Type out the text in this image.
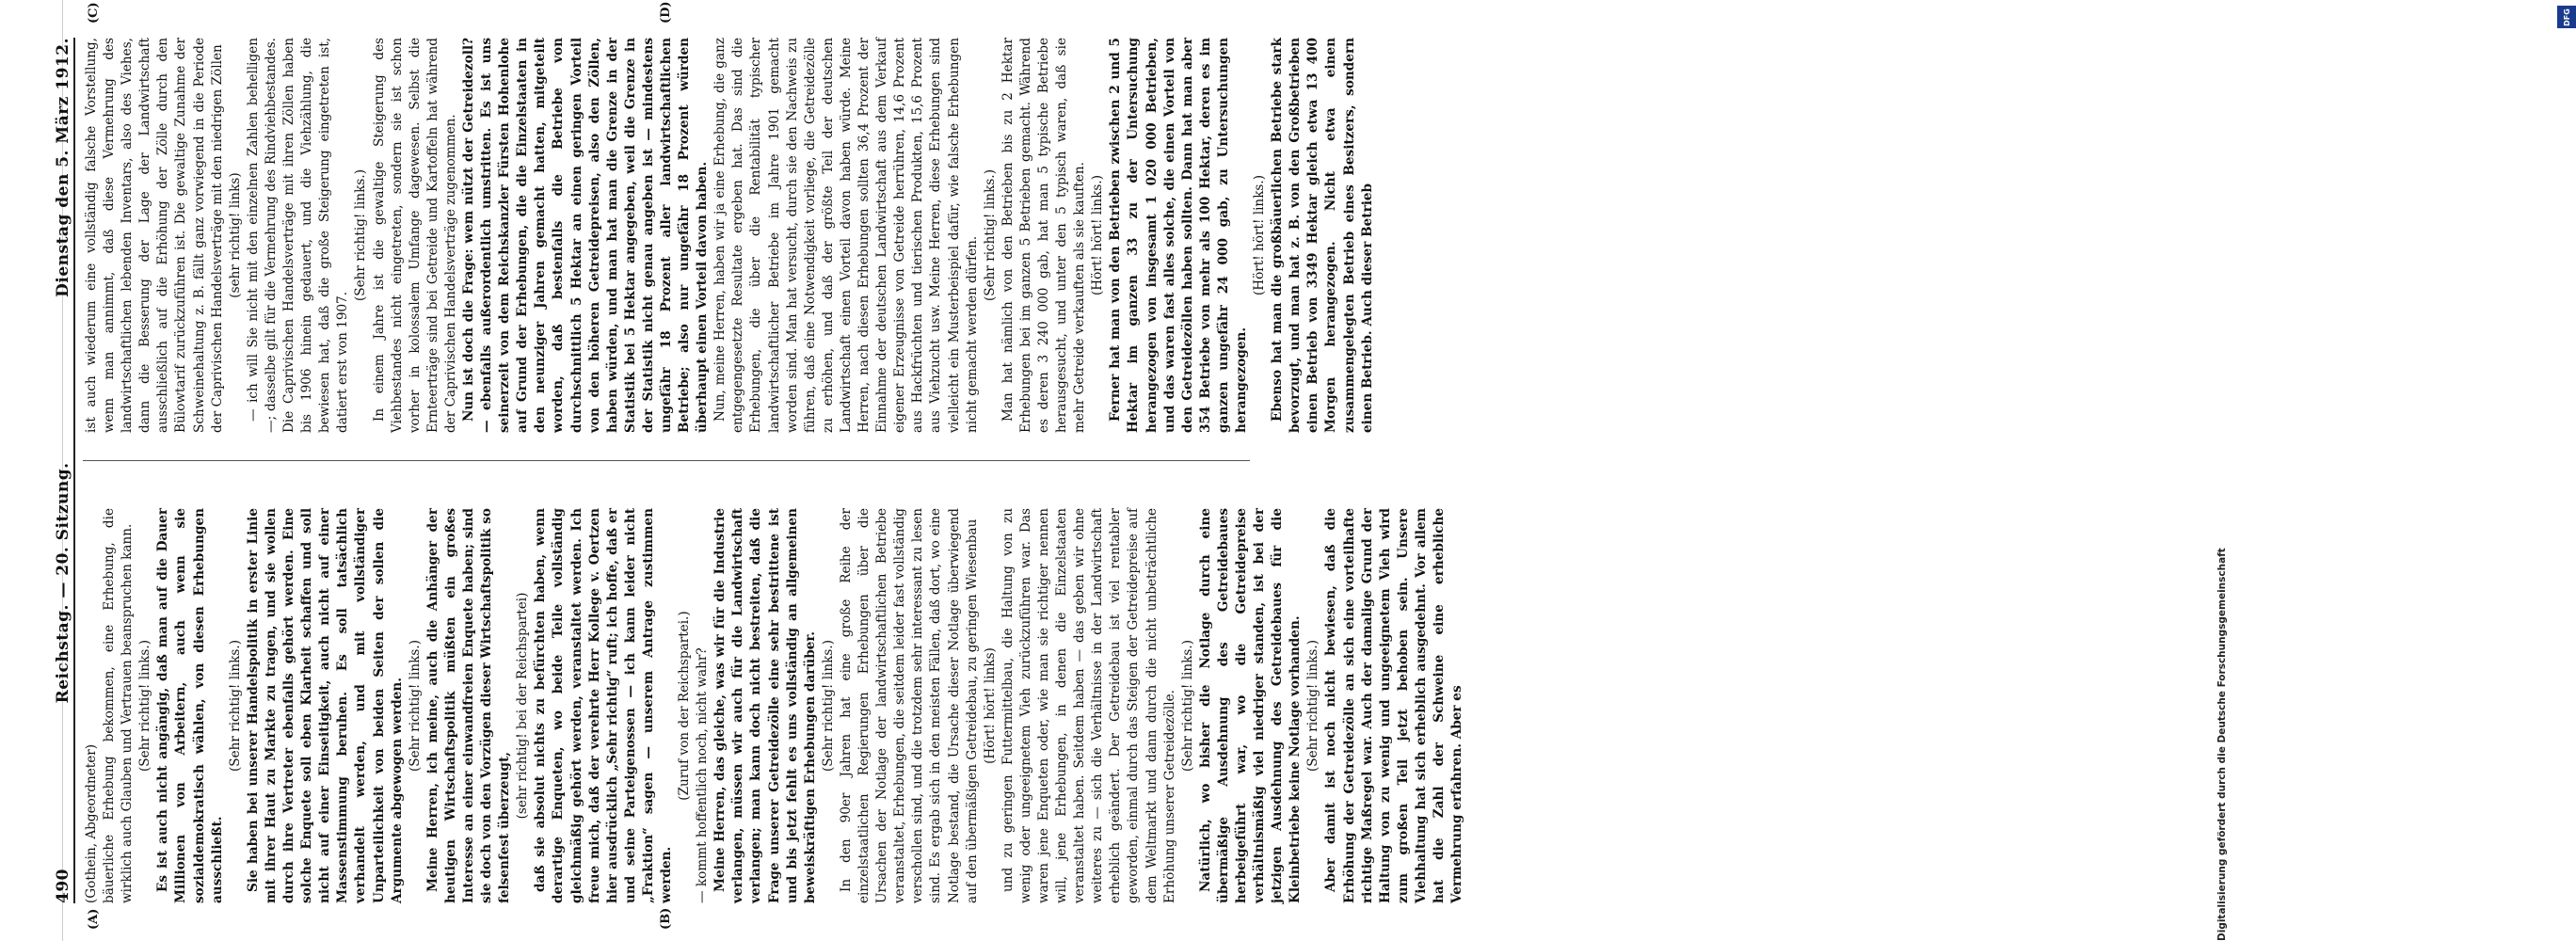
490
Reichstag. — 20. Sitzung.
Dienstag den 5. März 1912.
(A)	(B)
(C)	(D)

(Gothein, Abgeordneter) bäuerliche Erhebung bekommen, eine Erhebung, die wirklich auch Glauben und Vertrauen beanspruchen kann. (Sehr richtig! links.) Es ist auch nicht angängig, daß man auf die Dauer Millionen von Arbeitern, auch wenn sie sozialdemokratisch wählen, von diesen Erhebungen ausschließt.

(Sehr richtig! links.) Sie haben bei unserer Handelspolitik in erster Linie mit ihrer Haut zu Markte zu tragen, und sie wollen durch ihre Vertreter ebenfalls gehört werden. Eine solche Enquete soll eben Klarheit schaffen und soll nicht auf einer Einseitigkeit, auch nicht auf einer Massenstimmung beruhen. Es soll tatsächlich verhandelt werden, und mit vollständiger Unparteilichkeit von beiden Seiten der sollen die Argumente abgewogen werden. (Sehr richtig! links.) Meine Herren, ich meine, auch die Anhänger der heutigen Wirtschaftspolitik müßten ein großes Interesse an einer einwandfreien Enquete haben; sind sie doch von den Vorzügen dieser Wirtschaftspolitik so felsenfest überzeugt,

(sehr richtig! bei der Reichspartei) daß sie absolut nichts zu befürchten haben, wenn derartige Enqueten, wo beide Teile vollständig gleichmäßig gehört werden, veranstaltet werden. Ich freue mich, daß der verehrte Herr Kollege v. Oertzen hier ausdrücklich „Sehr richtig“ ruft; ich hoffe, daß er und seine Parteigenossen — ich kann leider nicht „Fraktion“ sagen — unserem Antrage zustimmen werden.

(Zuruf von der Reichspartei.) — kommt hoffentlich noch, nicht wahr? Meine Herren, das gleiche, was wir für die Industrie verlangen, müssen wir auch für die Landwirtschaft verlangen; man kann doch nicht bestreiten, daß die Frage unserer Getreidezölle eine sehr bestrittene ist und bis jetzt fehlt es uns vollständig an allgemeinen beweiskräftigen Erhebungen darüber. (Sehr richtig! links.) In den 90er Jahren hat eine große Reihe der einzelstaatlichen Regierungen Erhebungen über die Ursachen der Notlage der landwirtschaftlichen Betriebe veranstaltet, Erhebungen, die seitdem leider fast vollständig verschollen sind, und die trotzdem sehr interessant zu lesen sind. Es ergab sich in den meisten Fällen, daß dort, wo eine Notlage bestand, die Ursache dieser Notlage überwiegend auf den übermäßigen Getreidebau, zu geringen Wiesenbau (Hört! hört! links) und zu geringen Futtermittelbau, die Haltung von zu wenig oder ungeeignetem Vieh zurückzuführen war. Das waren jene Enqueten oder, wie man sie richtiger nennen will, jene Erhebungen, in denen die Einzelstaaten veranstaltet haben. Seitdem haben — das geben wir ohne weiteres zu — sich die Verhältnisse in der Landwirtschaft erheblich geändert. Der Getreidebau ist viel rentabler geworden, einmal durch das Steigen der Getreidepreise auf dem Weltmarkt und dann durch die nicht unbeträchtliche Erhöhung unserer Getreidezölle. (Sehr richtig! links.) Natürlich, wo bisher die Notlage durch eine übermäßige Ausdehnung des Getreidebaues herbeigeführt war, wo die Getreidepreise verhältnismäßig viel niedriger standen, ist bei der jetzigen Ausdehnung des Getreidebaues für die Kleinbetriebe keine Notlage vorhanden. (Sehr richtig! links.) Aber damit ist noch nicht bewiesen, daß die Erhöhung der Getreidezölle an sich eine vorteilhafte richtige Maßregel war. Auch der damalige Grund der Haltung von zu wenig und ungeeignetem Vieh wird zum großen Teil jetzt behoben sein. Unsere Viehhaltung hat sich erheblich ausgedehnt. Vor allem hat die Zahl der Schweine eine erhebliche Vermehrung erfahren. Aber es

ist auch wiederum eine vollständig falsche Vorstellung, wenn man annimmt, daß diese Vermehrung des landwirtschaftlichen lebenden Inventars, also des Viehes, dann die Besserung der Lage der Landwirtschaft ausschließlich auf die Erhöhung der Zölle durch den Bülowtarif zurückzuführen ist. Die gewaltige Zunahme der Schweinehaltung z. B. fällt ganz vorwiegend in die Periode der Caprivischen Handelsverträge mit den niedrigen Zöllen (sehr richtig! links) — ich will Sie nicht mit den einzelnen Zahlen behelligen —; dasselbe gilt für die Vermehrung des Rindviehbestandes. Die Caprivischen Handelsverträge mit ihren Zöllen haben bis 1906 hinein gedauert, und die Viehzählung, die bewiesen hat, daß die große Steigerung eingetreten ist, datiert erst von 1907.

(Sehr richtig! links.) In einem Jahre ist die gewaltige Steigerung des Viehbestandes nicht eingetreten, sondern sie ist schon vorher in kolossalem Umfange dagewesen. Selbst die Ernteerträge sind bei Getreide und Kartoffeln hat während der Caprivischen Handelsverträge zugenommen. Nun ist doch die Frage: wem nützt der Getreidezoll? — ebenfalls außerordentlich umstritten. Es ist uns seinerzeit von dem Reichskanzler Fürsten Hohenlohe auf Grund der Erhebungen, die die Einzelstaaten in den neunziger Jahren gemacht hatten, mitgeteilt worden, daß bestenfalls die Betriebe von durchschnittlich 5 Hektar an einen geringen Vorteil von den höheren Getreidepreisen, also den Zöllen, haben würden, und man hat man die Grenze in der Statistik bei 5 Hektar angegeben, weil die Grenze in der Statistik nicht genau angeben ist — mindestens ungefähr 18 Prozent aller landwirtschaftlichen Betriebe; also nur ungefähr 18 Prozent würden überhaupt einen Vorteil davon haben. Nun, meine Herren, haben wir ja eine Erhebung, die ganz entgegengesetzte Resultate ergeben hat. Das sind die Erhebungen, die über die Rentabilität typischer landwirtschaftlicher Betriebe im Jahre 1901 gemacht worden sind. Man hat versucht, durch sie den Nachweis zu führen, daß eine Notwendigkeit vorliege, die Getreidezölle zu erhöhen, und daß der größte Teil der deutschen Landwirtschaft einen Vorteil davon haben würde. Meine Herren, nach diesen Erhebungen sollten 36,4 Prozent der Einnahme der deutschen Landwirtschaft aus dem Verkauf eigener Erzeugnisse von Getreide herrühren, 14,6 Prozent aus Hackfrüchten und tierischen Produkten, 15,6 Prozent aus Viehzucht usw. Meine Herren, diese Erhebungen sind vielleicht ein Musterbeispiel dafür, wie falsche Erhebungen nicht gemacht werden dürfen.

(Sehr richtig! links.) Man hat nämlich von den Betrieben bis zu 2 Hektar Erhebungen bei im ganzen 5 Betrieben gemacht. Während es deren 3 240 000 gab, hat man 5 typische Betriebe herausgesucht, und unter den 5 typisch waren, daß sie mehr Getreide verkauften als sie kauften. (Hört! hört! links.) Ferner hat man von den Betrieben zwischen 2 und 5 Hektar im ganzen 33 zu der Untersuchung herangezogen von insgesamt 1 020 000 Betrieben, und das waren fast alles solche, die einen Vorteil von den Getreidezöllen haben sollten. Dann hat man aber 354 Betriebe von mehr als 100 Hektar, deren es im ganzen ungefähr 24 000 gab, zu Untersuchungen herangezogen.

(Hört! hört! links.) Ebenso hat man die großbäuerlichen Betriebe stark bevorzugt, und man hat z. B. von den Großbetrieben einen Betrieb von 3349 Hektar gleich etwa 13 400 Morgen herangezogen. Nicht etwa einen zusammengelegten Betrieb eines Besitzers, sondern einen Betrieb. Auch dieser Betrieb

DFG
Digitalisierung gefördert durch die Deutsche Forschungsgemeinschaft
